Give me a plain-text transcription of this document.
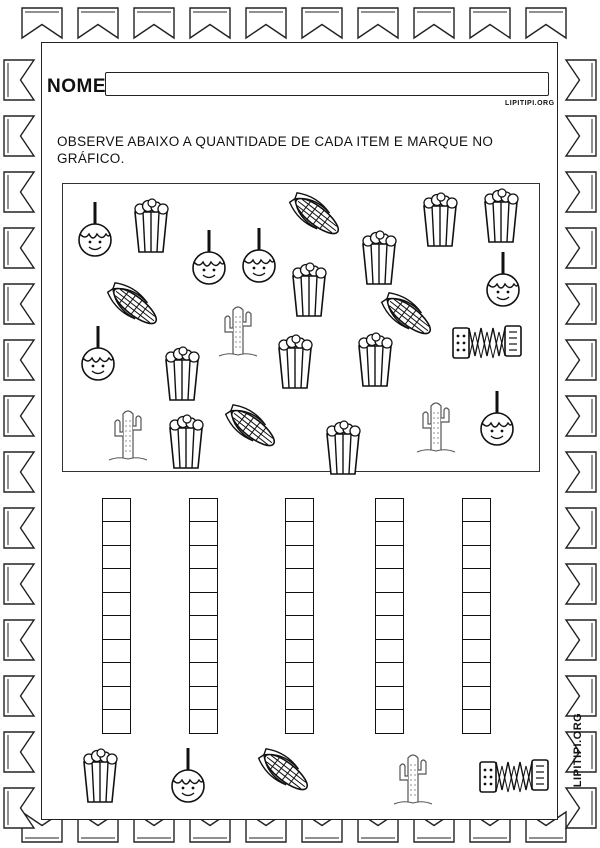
NOME
LIPITIPI.ORG
OBSERVE ABAIXO A QUANTIDADE DE CADA ITEM E MARQUE NO GRÁFICO.
LIPITIPI.ORG
